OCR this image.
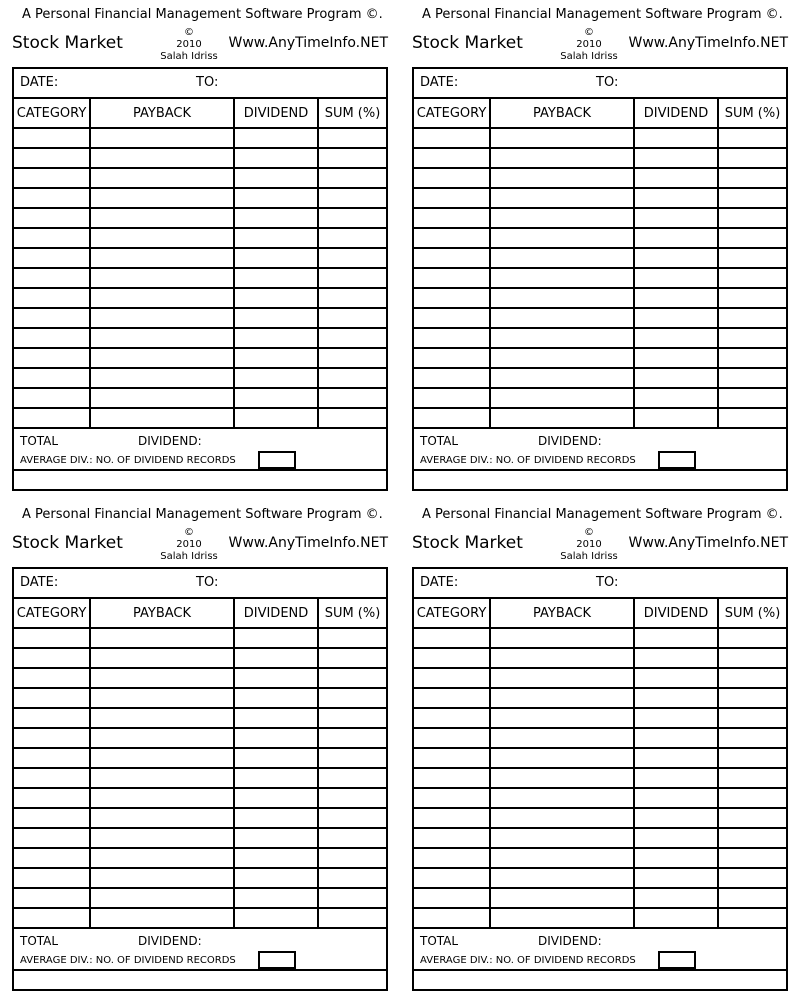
A Personal Financial Management Software Program ©.
Stock Market
©
2010
Salah Idriss
Www.AnyTimeInfo.NET
DATE:	TO:
CATEGORY	PAYBACK	DIVIDEND	SUM (%)

TOTAL	DIVIDEND:
AVERAGE DIV.: NO. OF DIVIDEND RECORDS
A Personal Financial Management Software Program ©.
Stock Market
©
2010
Salah Idriss
Www.AnyTimeInfo.NET
DATE:	TO:
CATEGORY	PAYBACK	DIVIDEND	SUM (%)

TOTAL	DIVIDEND:
AVERAGE DIV.: NO. OF DIVIDEND RECORDS
A Personal Financial Management Software Program ©.
Stock Market
©
2010
Salah Idriss
Www.AnyTimeInfo.NET
DATE:	TO:
CATEGORY	PAYBACK	DIVIDEND	SUM (%)

TOTAL	DIVIDEND:
AVERAGE DIV.: NO. OF DIVIDEND RECORDS
A Personal Financial Management Software Program ©.
Stock Market
©
2010
Salah Idriss
Www.AnyTimeInfo.NET
DATE:	TO:
CATEGORY	PAYBACK	DIVIDEND	SUM (%)

TOTAL	DIVIDEND:
AVERAGE DIV.: NO. OF DIVIDEND RECORDS
